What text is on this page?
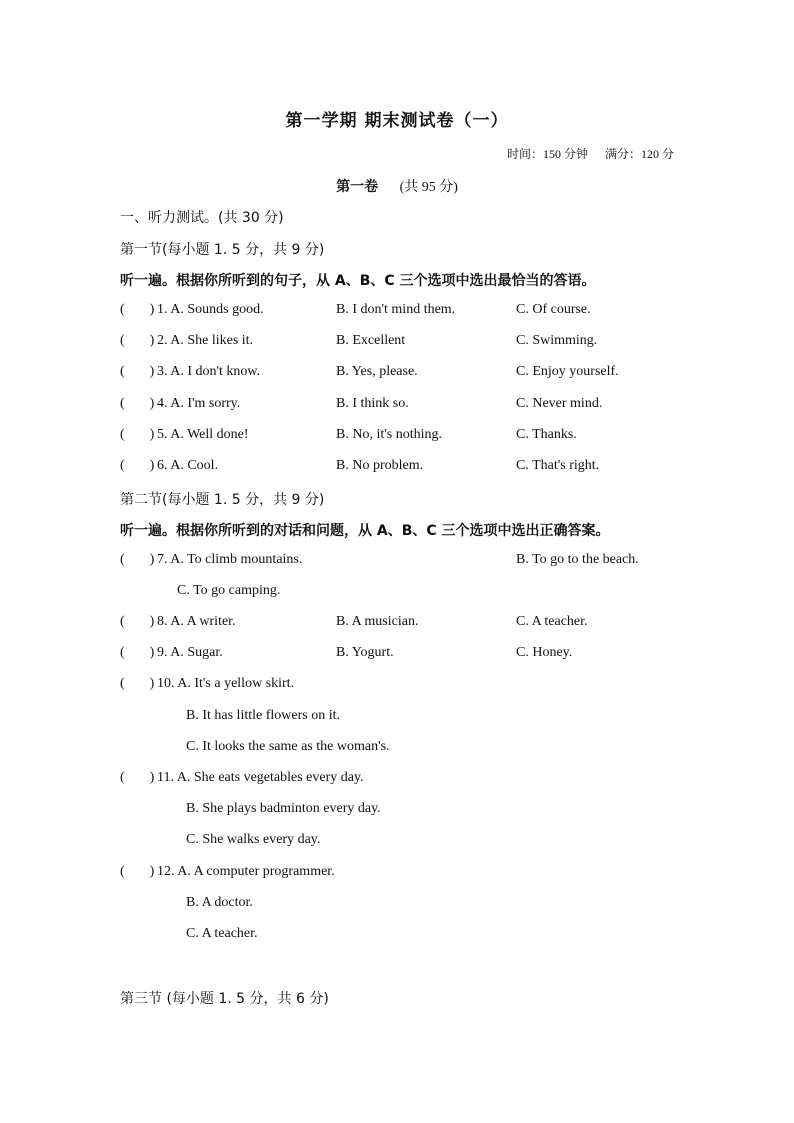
第一学期 期末测试卷（一）
时间：150 分钟 满分：120 分
第一卷 (共 95 分)
一、听力测试。(共 30 分)
第一节(每小题 1. 5 分，共 9 分)
听一遍。根据你所听到的句子，从 A、B、C 三个选项中选出最恰当的答语。
( ) 1. A. Sounds good.	B. I don't mind them.	C. Of course.
( ) 2. A. She likes it.	B. Excellent	C. Swimming.
( ) 3. A. I don't know.	B. Yes, please.	C. Enjoy yourself.
( ) 4. A. I'm sorry.	B. I think so.	C. Never mind.
( ) 5. A. Well done!	B. No, it's nothing.	C. Thanks.
( ) 6. A. Cool.	B. No problem.	C. That's right.
第二节(每小题 1. 5 分，共 9 分)
听一遍。根据你所听到的对话和问题，从 A、B、C 三个选项中选出正确答案。
( ) 7. A. To climb mountains.	B. To go to the beach.
C. To go camping.
( ) 8. A. A writer.	B. A musician.	C. A teacher.
( ) 9. A. Sugar.	B. Yogurt.	C. Honey.
( ) 10. A. It's a yellow skirt.
B. It has little flowers on it.
C. It looks the same as the woman's.
( ) 11. A. She eats vegetables every day.
B. She plays badminton every day.
C. She walks every day.
( ) 12. A. A computer programmer.
B. A doctor.
C. A teacher.
第三节 (每小题 1. 5 分，共 6 分)
